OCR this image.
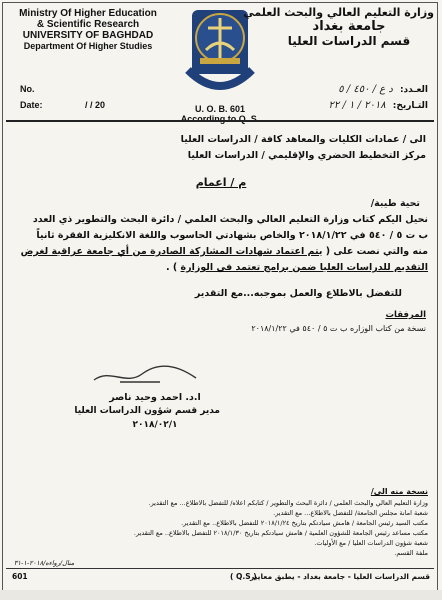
Ministry Of Higher Education
& Scientific Research
UNIVERSITY OF BAGHDAD
Department Of Higher Studies
U. O. B. 601
According to Q. S.
وزارة التعليم العالي والبحث العلمي
جامعة بغداد
قسم الدراسات العليا
No.
Date:	/ / 20
العـدد: د ع / ٤٥٠ / ٥
التـاريخ: ٢٠١٨ / ١ / ٢٢
الى / عمادات الكليات والمعاهد كافة / الدراسات العليا
مركز التخطيط الحضري والإقليمي / الدراسات العليا
م / اعمام
تحية طيبة/
نحيل اليكم كتاب وزارة التعليم العالي والبحث العلمي / دائرة البحث والتطوير ذي العدد
ب ت ٥ / ٥٤٠ في ٢٠١٨/١/٢٢ والخاص بشهادتي الحاسوب واللغة الانكليزية الفقرة ثانياً
منه والتي نصت على ( يتم اعتماد شهادات المشاركة الصادرة من أي جامعة عراقية لغرض
التقديم للدراسات العليا ضمن برامج تعتمد في الوزارة ) .
للتفضل بالاطلاع والعمل بموجبه...مع التقدير
المرفقات
نسخة من كتاب الوزاره ب ت ٥ / ٥٤٠ في ٢٠١٨/١/٢٢
ا.د. احمد وحيد ناصر
مدير قسم شؤون الدراسات العليا
٢٠١٨/٠٢/١
نسخة منه الى/
وزارة التعليم العالي والبحث العلمي / دائرة البحث والتطوير / كتابكم اعلاه/ للتفضل بالاطلاع... مع التقدير.
شعبة امانة مجلس الجامعة/ للتفضل بالاطلاع... مع التقدير.
مكتب السيد رئيس الجامعة / هامش سيادتكم بتاريخ ٢٠١٨/١/٢٤ للتفضل بالاطلاع.. مع التقدير.
مكتب مساعد رئيس الجامعة للشؤون العلمية / هامش سيادتكم بتاريخ ٢٠١٨/١/٣٠ للتفضل بالاطلاع.. مع التقدير.
شعبة شؤون الدراسات العليا / مع الأوليات.
ملفة القسم.
منال/رواءه/٢٠١٨-١-٣١
قسم الدراسات العليا - جامعة بغداد - يطبق معايير
( Q.S )
601
